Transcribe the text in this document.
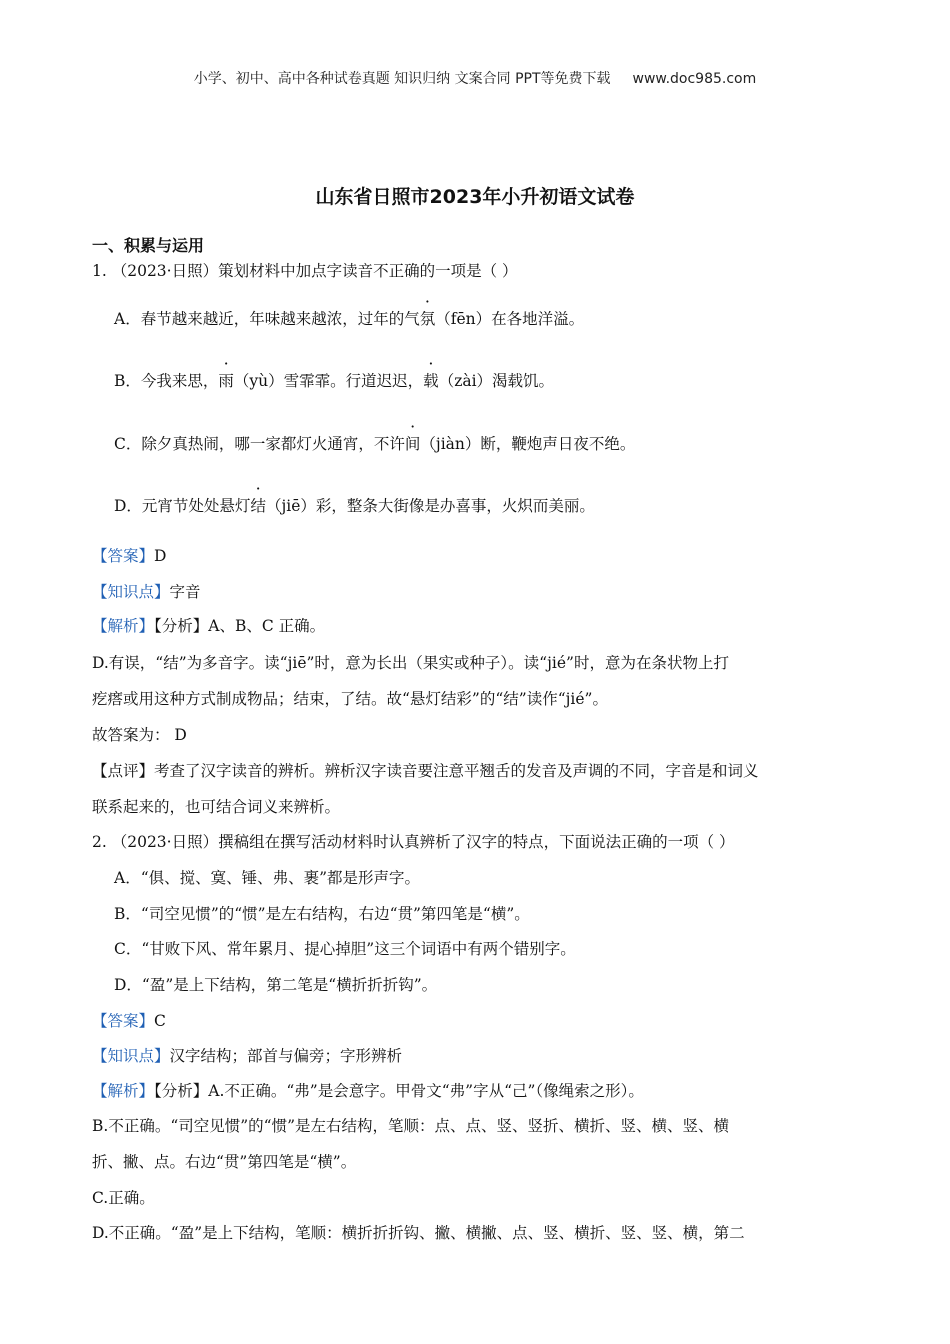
小学、初中、高中各种试卷真题 知识归纳 文案合同 PPT等免费下载 www.doc985.com
山东省日照市2023年小升初语文试卷
一、积累与运用
1. （2023·日照）策划材料中加点字读音不正确的一项是（ ）
A．春节越来越近，年味越来越浓，过年的气氛（fēn）在各地洋溢。
B．今我来思，雨（yù）雪霏霏。行道迟迟，载（zài）渴载饥。
C．除夕真热闹，哪一家都灯火通宵，不许间（jiàn）断，鞭炮声日夜不绝。
D．元宵节处处悬灯结（jiē）彩，整条大街像是办喜事，火炽而美丽。
【答案】D
【知识点】字音
【解析】【分析】A、B、C 正确。
D.有误，“结”为多音字。读“jiē”时，意为长出（果实或种子）。读“jié”时，意为在条状物上打
疙瘩或用这种方式制成物品；结束，了结。故“悬灯结彩”的“结”读作“jié”。
故答案为： D
【点评】考查了汉字读音的辨析。辨析汉字读音要注意平翘舌的发音及声调的不同，字音是和词义
联系起来的，也可结合词义来辨析。
2. （2023·日照）撰稿组在撰写活动材料时认真辨析了汉字的特点，下面说法正确的一项（ ）
A．“俱、搅、寞、锤、弗、裹”都是形声字。
B．“司空见惯”的“惯”是左右结构，右边“贯”第四笔是“横”。
C．“甘败下风、常年累月、提心掉胆”这三个词语中有两个错别字。
D．“盈”是上下结构，第二笔是“横折折折钩”。
【答案】C
【知识点】汉字结构；部首与偏旁；字形辨析
【解析】【分析】A.不正确。“弗”是会意字。甲骨文“弗”字从“己”（像绳索之形）。
B.不正确。“司空见惯”的“惯”是左右结构，笔顺：点、点、竖、竖折、横折、竖、横、竖、横
折、撇、点。右边“贯”第四笔是“横”。
C.正确。
D.不正确。“盈”是上下结构，笔顺：横折折折钩、撇、横撇、点、竖、横折、竖、竖、横，第二
